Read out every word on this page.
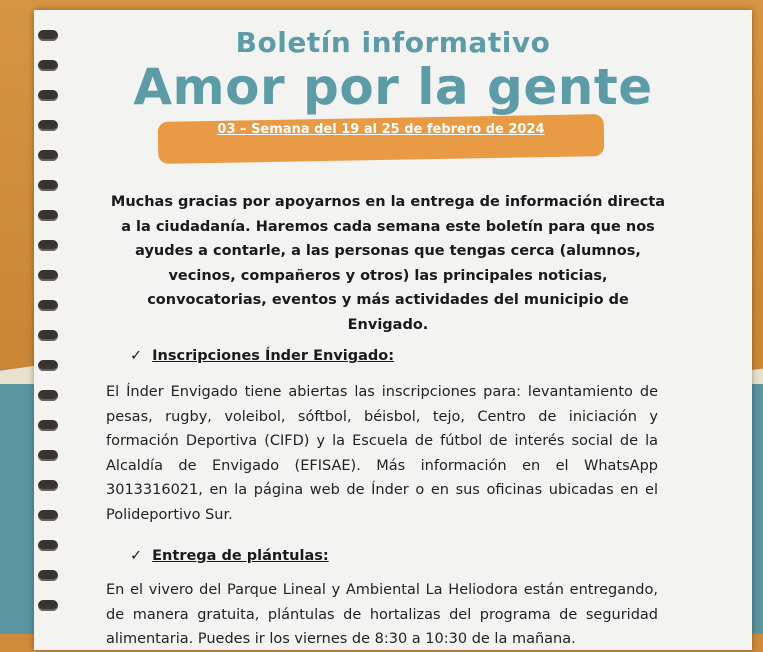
Boletín informativo
Amor por la gente
03 – Semana del 19 al 25 de febrero de 2024
Muchas gracias por apoyarnos en la entrega de información directa a la ciudadanía. Haremos cada semana este boletín para que nos ayudes a contarle, a las personas que tengas cerca (alumnos, vecinos, compañeros y otros) las principales noticias, convocatorias, eventos y más actividades del municipio de Envigado.
✓ Inscripciones Índer Envigado:
El Índer Envigado tiene abiertas las inscripciones para: levantamiento de pesas, rugby, voleibol, sóftbol, béisbol, tejo, Centro de iniciación y formación Deportiva (CIFD) y la Escuela de fútbol de interés social de la Alcaldía de Envigado (EFISAE). Más información en el WhatsApp 3013316021, en la página web de Índer o en sus oficinas ubicadas en el Polideportivo Sur.
✓ Entrega de plántulas:
En el vivero del Parque Lineal y Ambiental La Heliodora están entregando, de manera gratuita, plántulas de hortalizas del programa de seguridad alimentaria. Puedes ir los viernes de 8:30 a 10:30 de la mañana.
